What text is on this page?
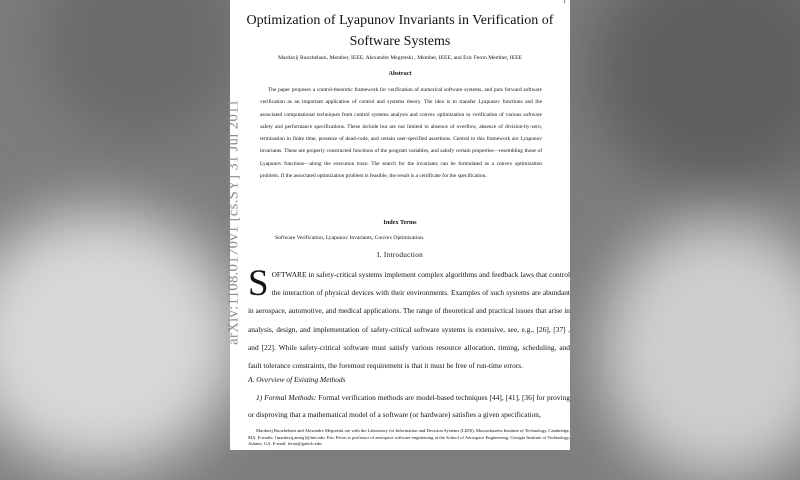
1
Optimization of Lyapunov Invariants in Verification of Software Systems
Mardavij Roozbehani, Member, IEEE, Alexandre Megretski , Member, IEEE, and Eric Feron Member, IEEE
Abstract
The paper proposes a control-theoretic framework for verification of numerical software systems, and puts forward software verification as an important application of control and systems theory. The idea is to transfer Lyapunov functions and the associated computational techniques from control systems analysis and convex optimization to verification of various software safety and performance specifications. These include but are not limited to absence of overflow, absence of division-by-zero, termination in finite time, presence of dead-code, and certain user-specified assertions. Central to this framework are Lyapunov invariants. These are properly constructed functions of the program variables, and satisfy certain properties—resembling those of Lyapunov functions—along the execution trace. The search for the invariants can be formulated as a convex optimization problem. If the associated optimization problem is feasible, the result is a certificate for the specification.
Index Terms
Software Verification, Lyapunov Invariants, Convex Optimization.
I. Introduction
SOFTWARE in safety-critical systems implement complex algorithms and feedback laws that control the interaction of physical devices with their environments. Examples of such systems are abundant in aerospace, automotive, and medical applications. The range of theoretical and practical issues that arise in analysis, design, and implementation of safety-critical software systems is extensive, see, e.g., [26], [37] , and [22]. While safety-critical software must satisfy various resource allocation, timing, scheduling, and fault tolerance constraints, the foremost requirement is that it must be free of run-time errors.
A. Overview of Existing Methods
1) Formal Methods: Formal verification methods are model-based techniques [44], [41], [36] for proving or disproving that a mathematical model of a software (or hardware) satisfies a given specification,
Mardavij Roozbehani and Alexandre Megretski are with the Laboratory for Information and Decision Systems (LIDS), Massachusetts Institute of Technology, Cambridge, MA. E-mails: {mardavij,ameg}@mit.edu. Eric Feron is professor of aerospace software engineering at the School of Aerospace Engineering, Georgia Institute of Technology, Atlanta, GA. E-mail: feron@gatech.edu.
arXiv:1108.0170v1 [cs.SY] 31 Jul 2011
